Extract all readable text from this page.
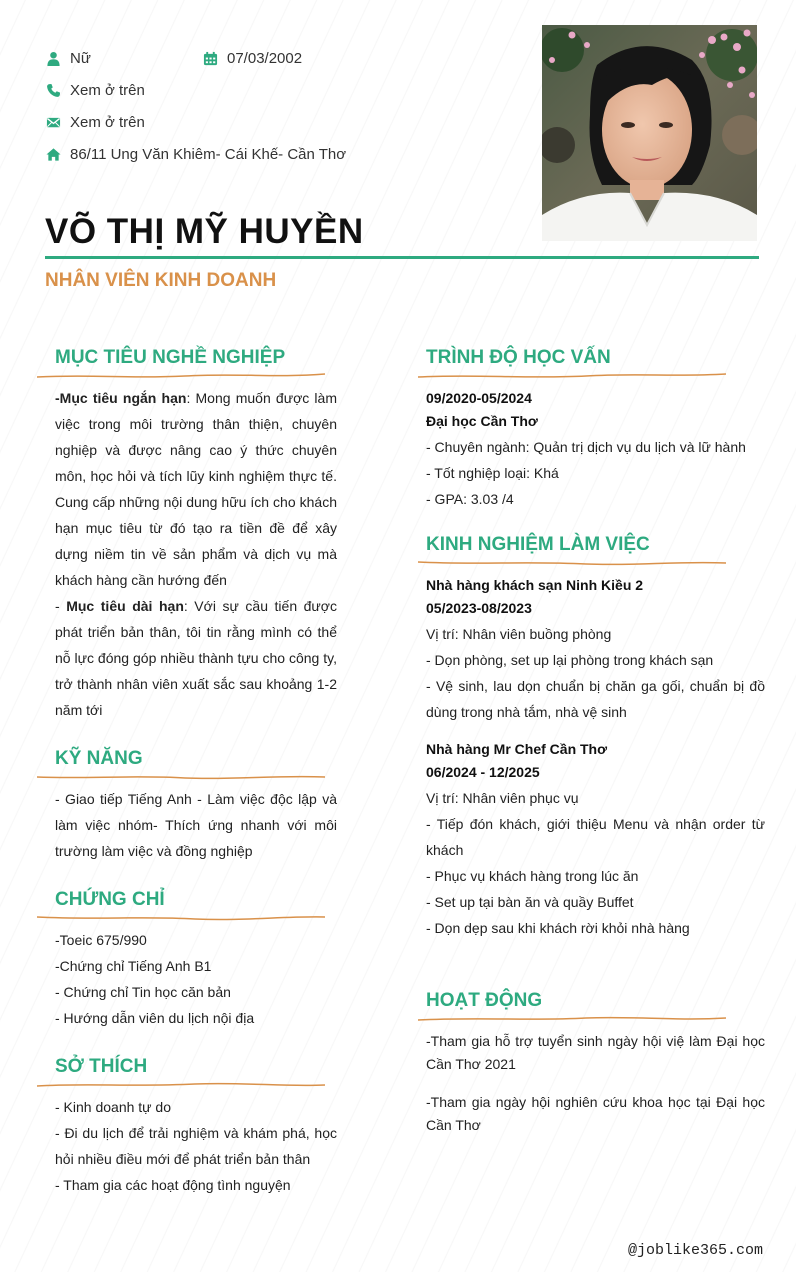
Nữ	07/03/2002
Xem ở trên
Xem ở trên
86/11 Ung Văn Khiêm- Cái Khế- Cần Thơ
VÕ THỊ MỸ HUYỀN
NHÂN VIÊN KINH DOANH
MỤC TIÊU NGHỀ NGHIỆP

-Mục tiêu ngắn hạn: Mong muốn được làm việc trong môi trường thân thiện, chuyên nghiệp và được nâng cao ý thức chuyên môn, học hỏi và tích lũy kinh nghiệm thực tế. Cung cấp những nội dung hữu ích cho khách hạn mục tiêu từ đó tạo ra tiền đề để xây dựng niềm tin về sản phẩm và dịch vụ mà khách hàng cần hướng đến

- Mục tiêu dài hạn: Với sự cầu tiến được phát triển bản thân, tôi tin rằng mình có thể nỗ lực đóng góp nhiều thành tựu cho công ty, trở thành nhân viên xuất sắc sau khoảng 1-2 năm tới

KỸ NĂNG
- Giao tiếp Tiếng Anh - Làm việc độc lập và làm việc nhóm- Thích ứng nhanh với môi trường làm việc và đồng nghiệp
CHỨNG CHỈ
-Toeic 675/990
-Chứng chỉ Tiếng Anh B1
- Chứng chỉ Tin học căn bản
- Hướng dẫn viên du lịch nội địa
SỞ THÍCH
- Kinh doanh tự do
- Đi du lịch để trải nghiệm và khám phá, học hỏi nhiều điều mới để phát triển bản thân
- Tham gia các hoạt động tình nguyện
TRÌNH ĐỘ HỌC VẤN
09/2020-05/2024
Đại học Cần Thơ
- Chuyên ngành: Quản trị dịch vụ du lịch và lữ hành
- Tốt nghiệp loại: Khá
- GPA: 3.03 /4
KINH NGHIỆM LÀM VIỆC
Nhà hàng khách sạn Ninh Kiều 2
05/2023-08/2023
Vị trí: Nhân viên buồng phòng
- Dọn phòng, set up lại phòng trong khách sạn
- Vệ sinh, lau dọn chuẩn bị chăn ga gối, chuẩn bị đồ dùng trong nhà tắm, nhà vệ sinh
Nhà hàng Mr Chef Cần Thơ
06/2024 - 12/2025
Vị trí: Nhân viên phục vụ
- Tiếp đón khách, giới thiệu Menu và nhận order từ khách
- Phục vụ khách hàng trong lúc ăn
- Set up tại bàn ăn và quầy Buffet
- Dọn dẹp sau khi khách rời khỏi nhà hàng
HOẠT ĐỘNG
-Tham gia hỗ trợ tuyển sinh ngày hội việ làm Đại học Cần Thơ 2021
-Tham gia ngày hội nghiên cứu khoa học tại Đại học Cần Thơ
@joblike365.com
